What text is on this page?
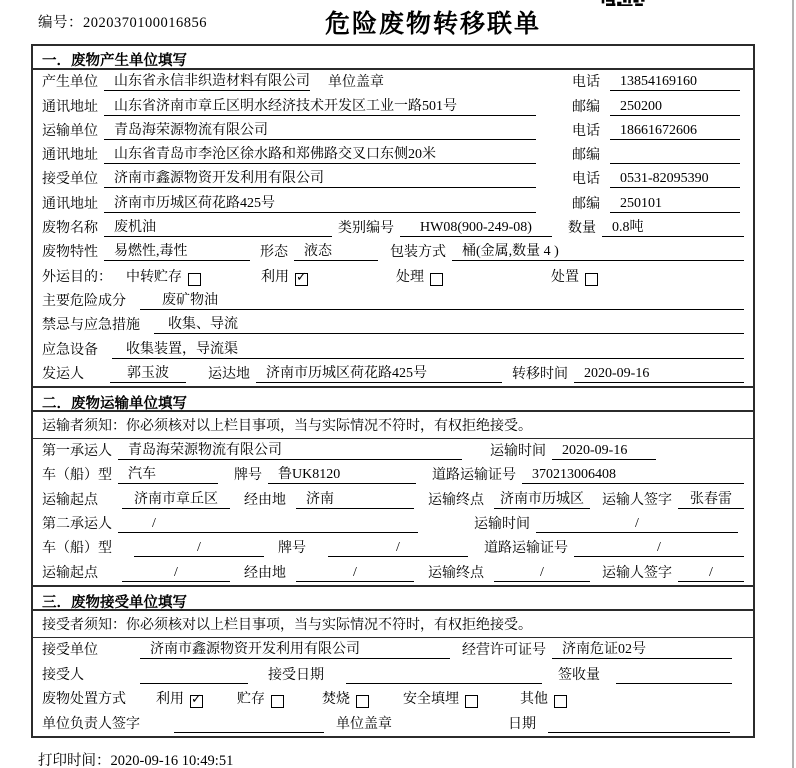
编号：2020370100016856	危险废物转移联单
一．废物产生单位填写
产生单位	山东省永信非织造材料有限公司 单位盖章	电话	13854169160
通讯地址	山东省济南市章丘区明水经济技术开发区工业一路501号	邮编	250200
运输单位	青岛海荣源物流有限公司	电话	18661672606
通讯地址	山东省青岛市李沧区徐水路和郑佛路交叉口东侧20米	邮编
接受单位	济南市鑫源物资开发利用有限公司	电话	0531-82095390
通讯地址	济南市历城区荷花路425号	邮编	250101
废物名称	废机油	类别编号	HW08(900-249-08)	数量	0.8吨
废物特性	易燃性,毒性	形态	液态	包装方式	桶(金属,数量 4 )
外运目的： 中转贮存	利用 ✓	处理	处置
主要危险成分	废矿物油
禁忌与应急措施	收集、导流
应急设备	收集装置，导流渠
发运人	郭玉波	运达地	济南市历城区荷花路425号	转移时间	2020-09-16
二．废物运输单位填写
运输者须知：你必须核对以上栏目事项，当与实际情况不符时，有权拒绝接受。
第一承运人	青岛海荣源物流有限公司	运输时间	2020-09-16
车（船）型	汽车	牌号	鲁UK8120	道路运输证号	370213006408
运输起点	济南市章丘区	经由地	济南	运输终点	济南市历城区	运输人签字	张春雷
第二承运人	/	运输时间	/
车（船）型	/	牌号	/	道路运输证号	/
运输起点	/	经由地	/	运输终点	/	运输人签字	/
三．废物接受单位填写
接受者须知：你必须核对以上栏目事项，当与实际情况不符时，有权拒绝接受。
接受单位	济南市鑫源物资开发利用有限公司	经营许可证号	济南危证02号
接受人	接受日期	签收量
废物处置方式 利用 ✓	贮存	焚烧	安全填埋	其他
单位负责人签字	单位盖章	日期
打印时间：2020-09-16 10:49:51
